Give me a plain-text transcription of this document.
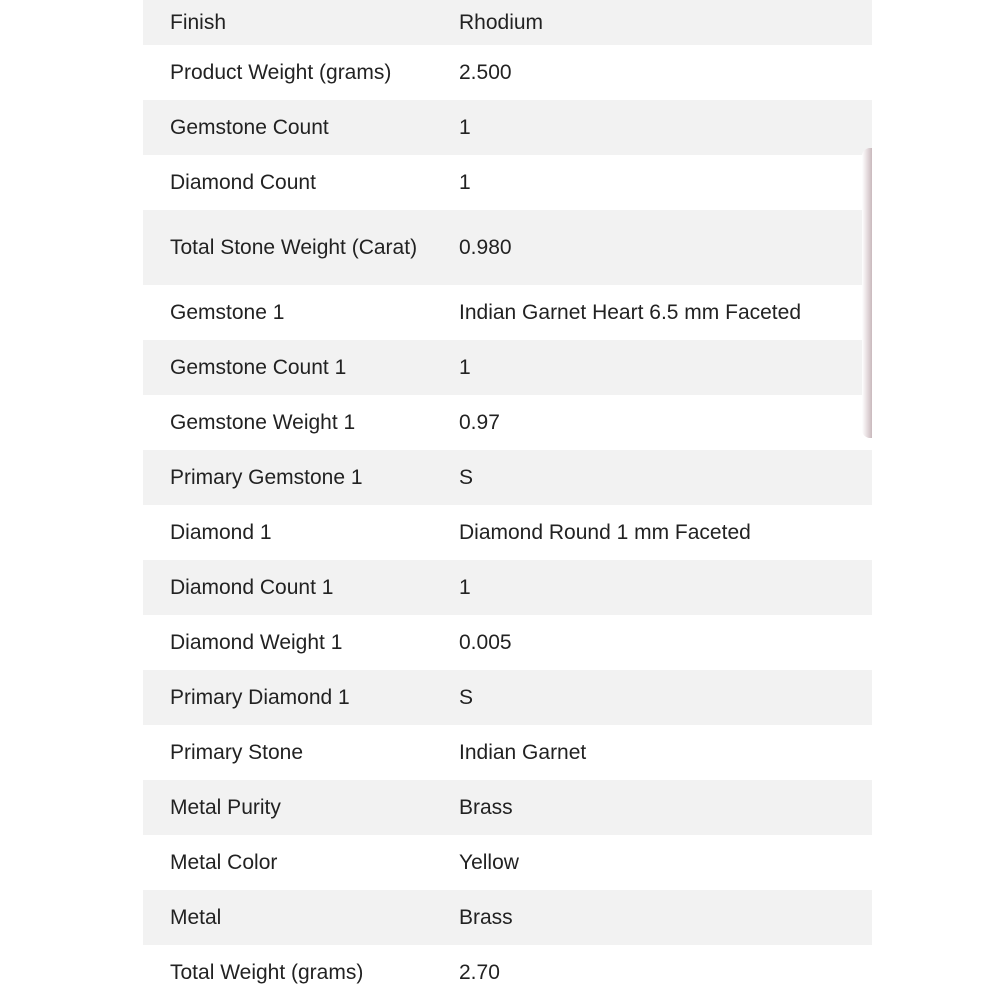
Finish	Rhodium
Product Weight (grams)	2.500
Gemstone Count	1
Diamond Count	1
Total Stone Weight (Carat) 0.980
Gemstone 1	Indian Garnet Heart 6.5 mm Faceted
Gemstone Count 1	1
Gemstone Weight 1	0.97
Primary Gemstone 1	S
Diamond 1	Diamond Round 1 mm Faceted
Diamond Count 1	1
Diamond Weight 1	0.005
Primary Diamond 1	S
Primary Stone	Indian Garnet
Metal Purity	Brass
Metal Color	Yellow
Metal	Brass
Total Weight (grams)	2.70
